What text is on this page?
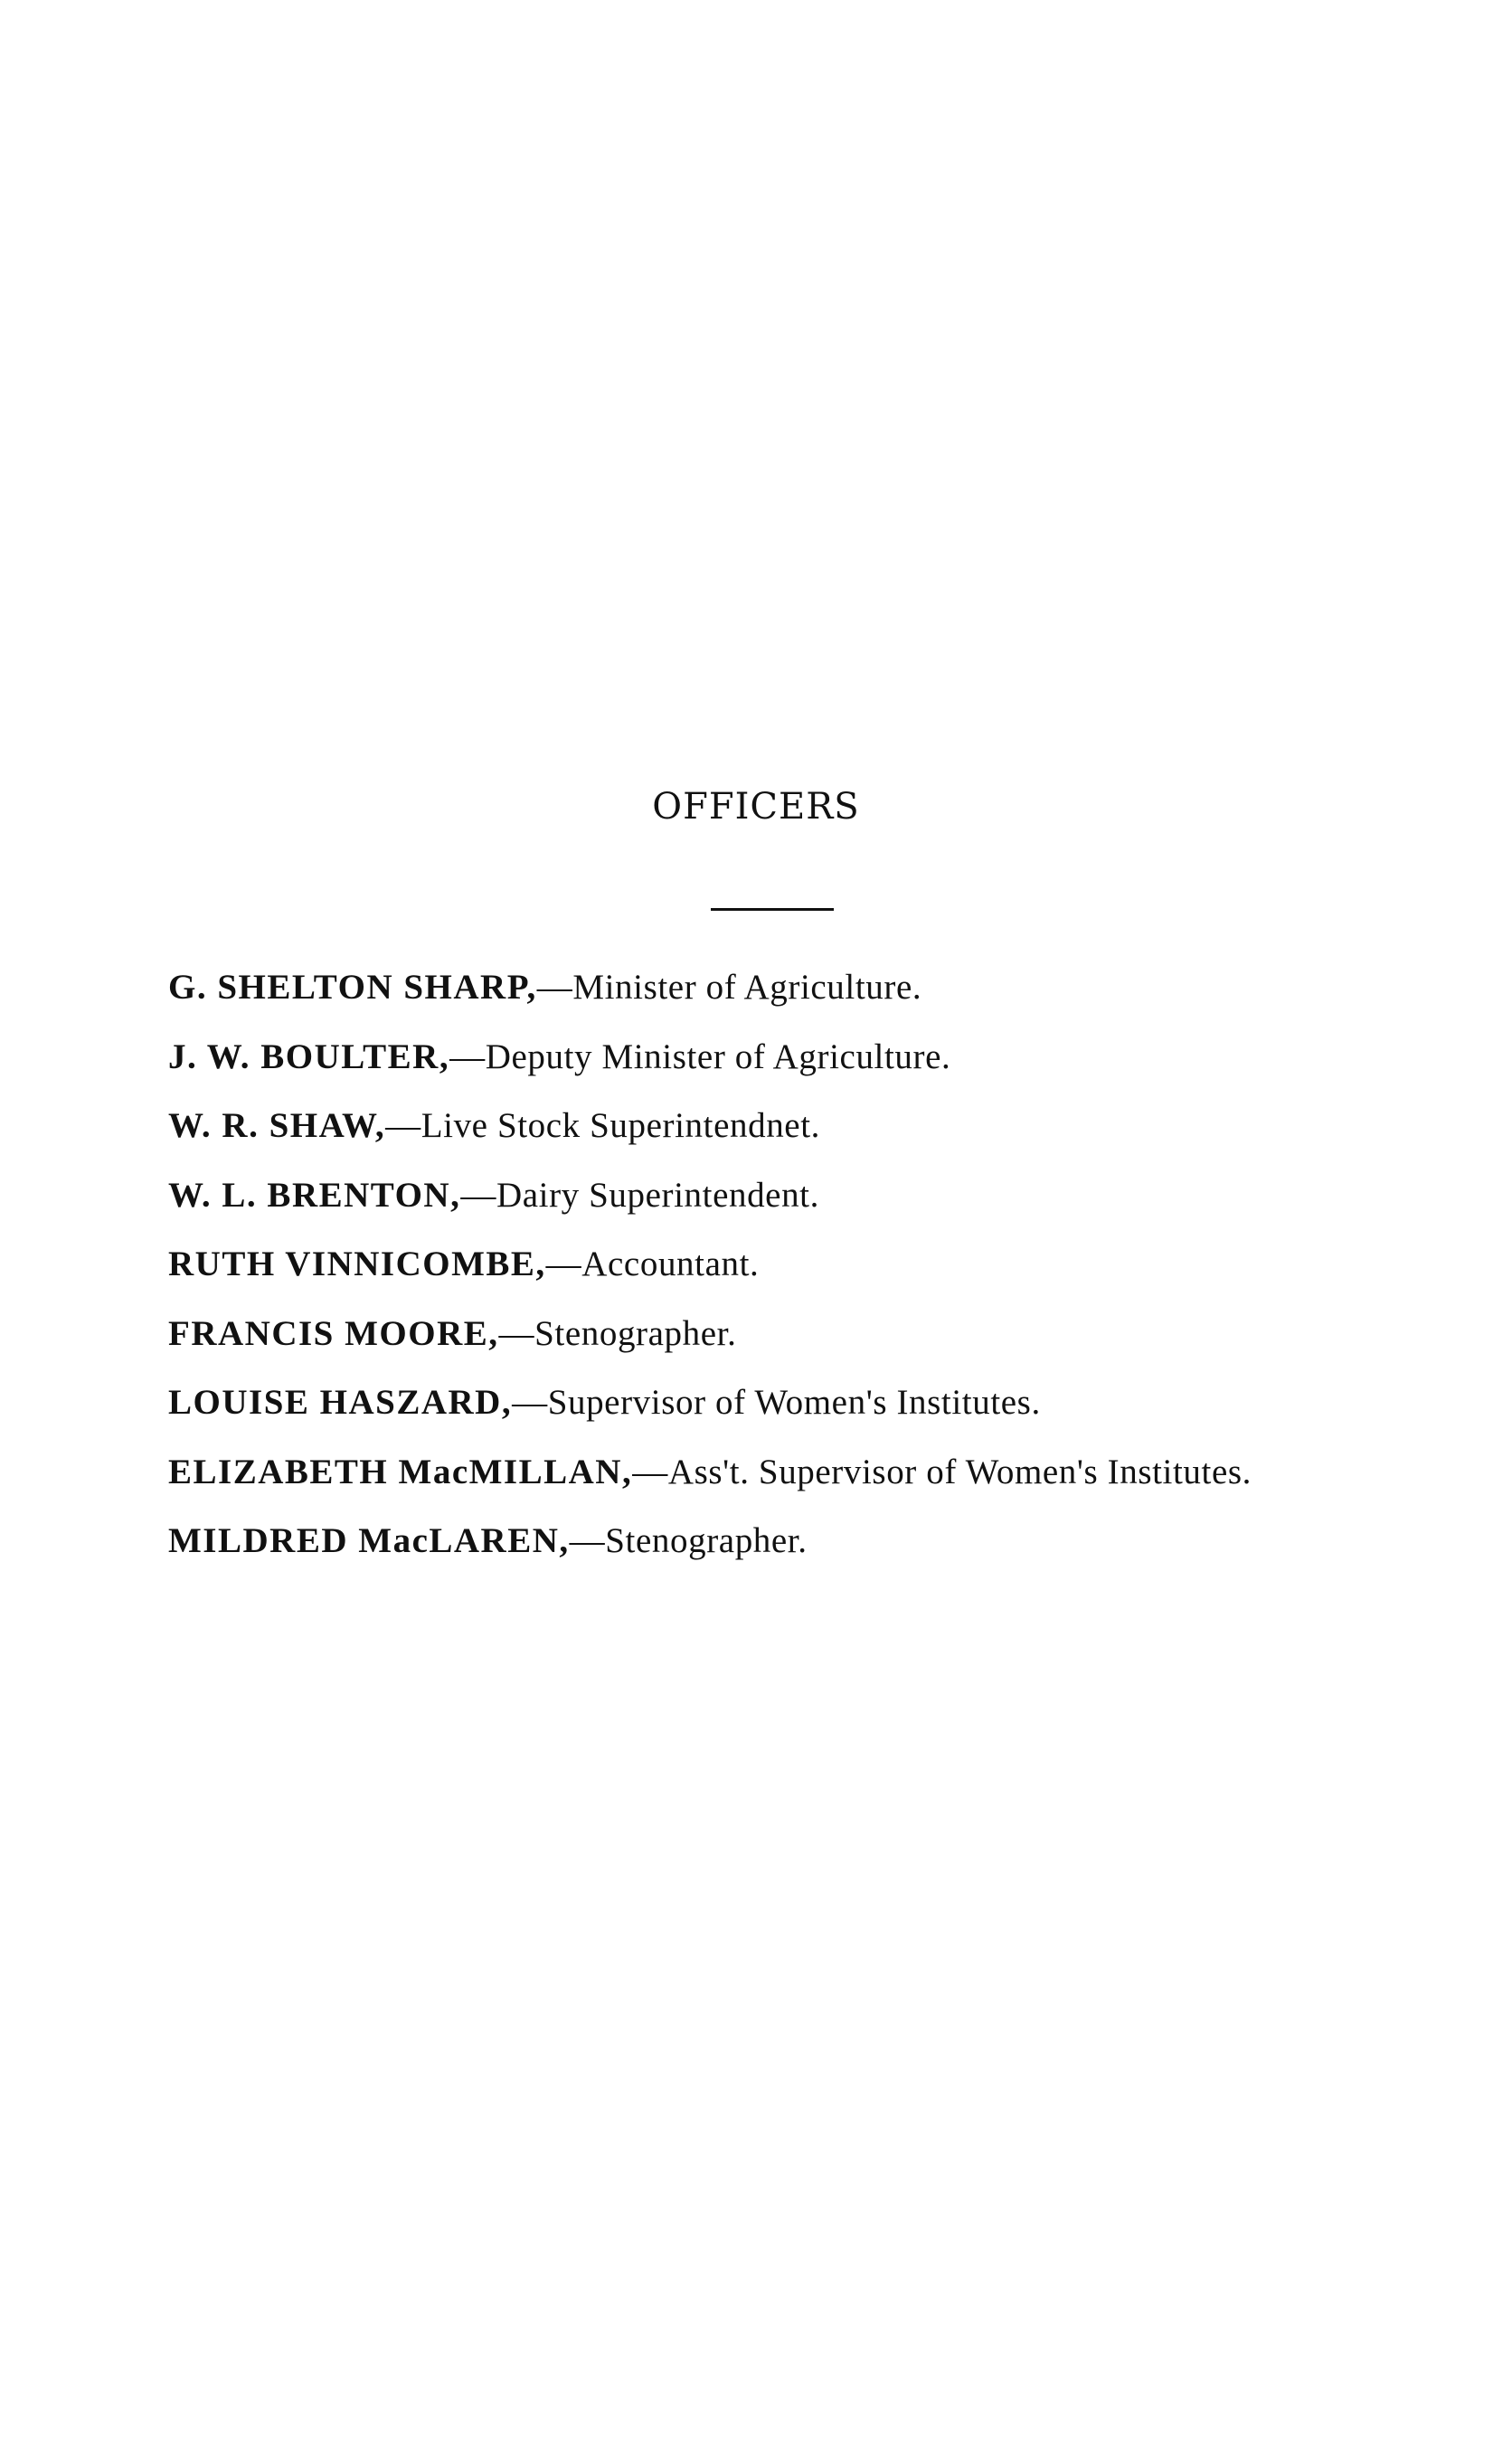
OFFICERS
G. SHELTON SHARP,—Minister of Agriculture.
J. W. BOULTER,—Deputy Minister of Agriculture.
W. R. SHAW,—Live Stock Superintendnet.
W. L. BRENTON,—Dairy Superintendent.
RUTH VINNICOMBE,—Accountant.
FRANCIS MOORE,—Stenographer.
LOUISE HASZARD,—Supervisor of Women's Institutes.
ELIZABETH MacMILLAN,—Ass't. Supervisor of Women's Institutes.
MILDRED MacLAREN,—Stenographer.
